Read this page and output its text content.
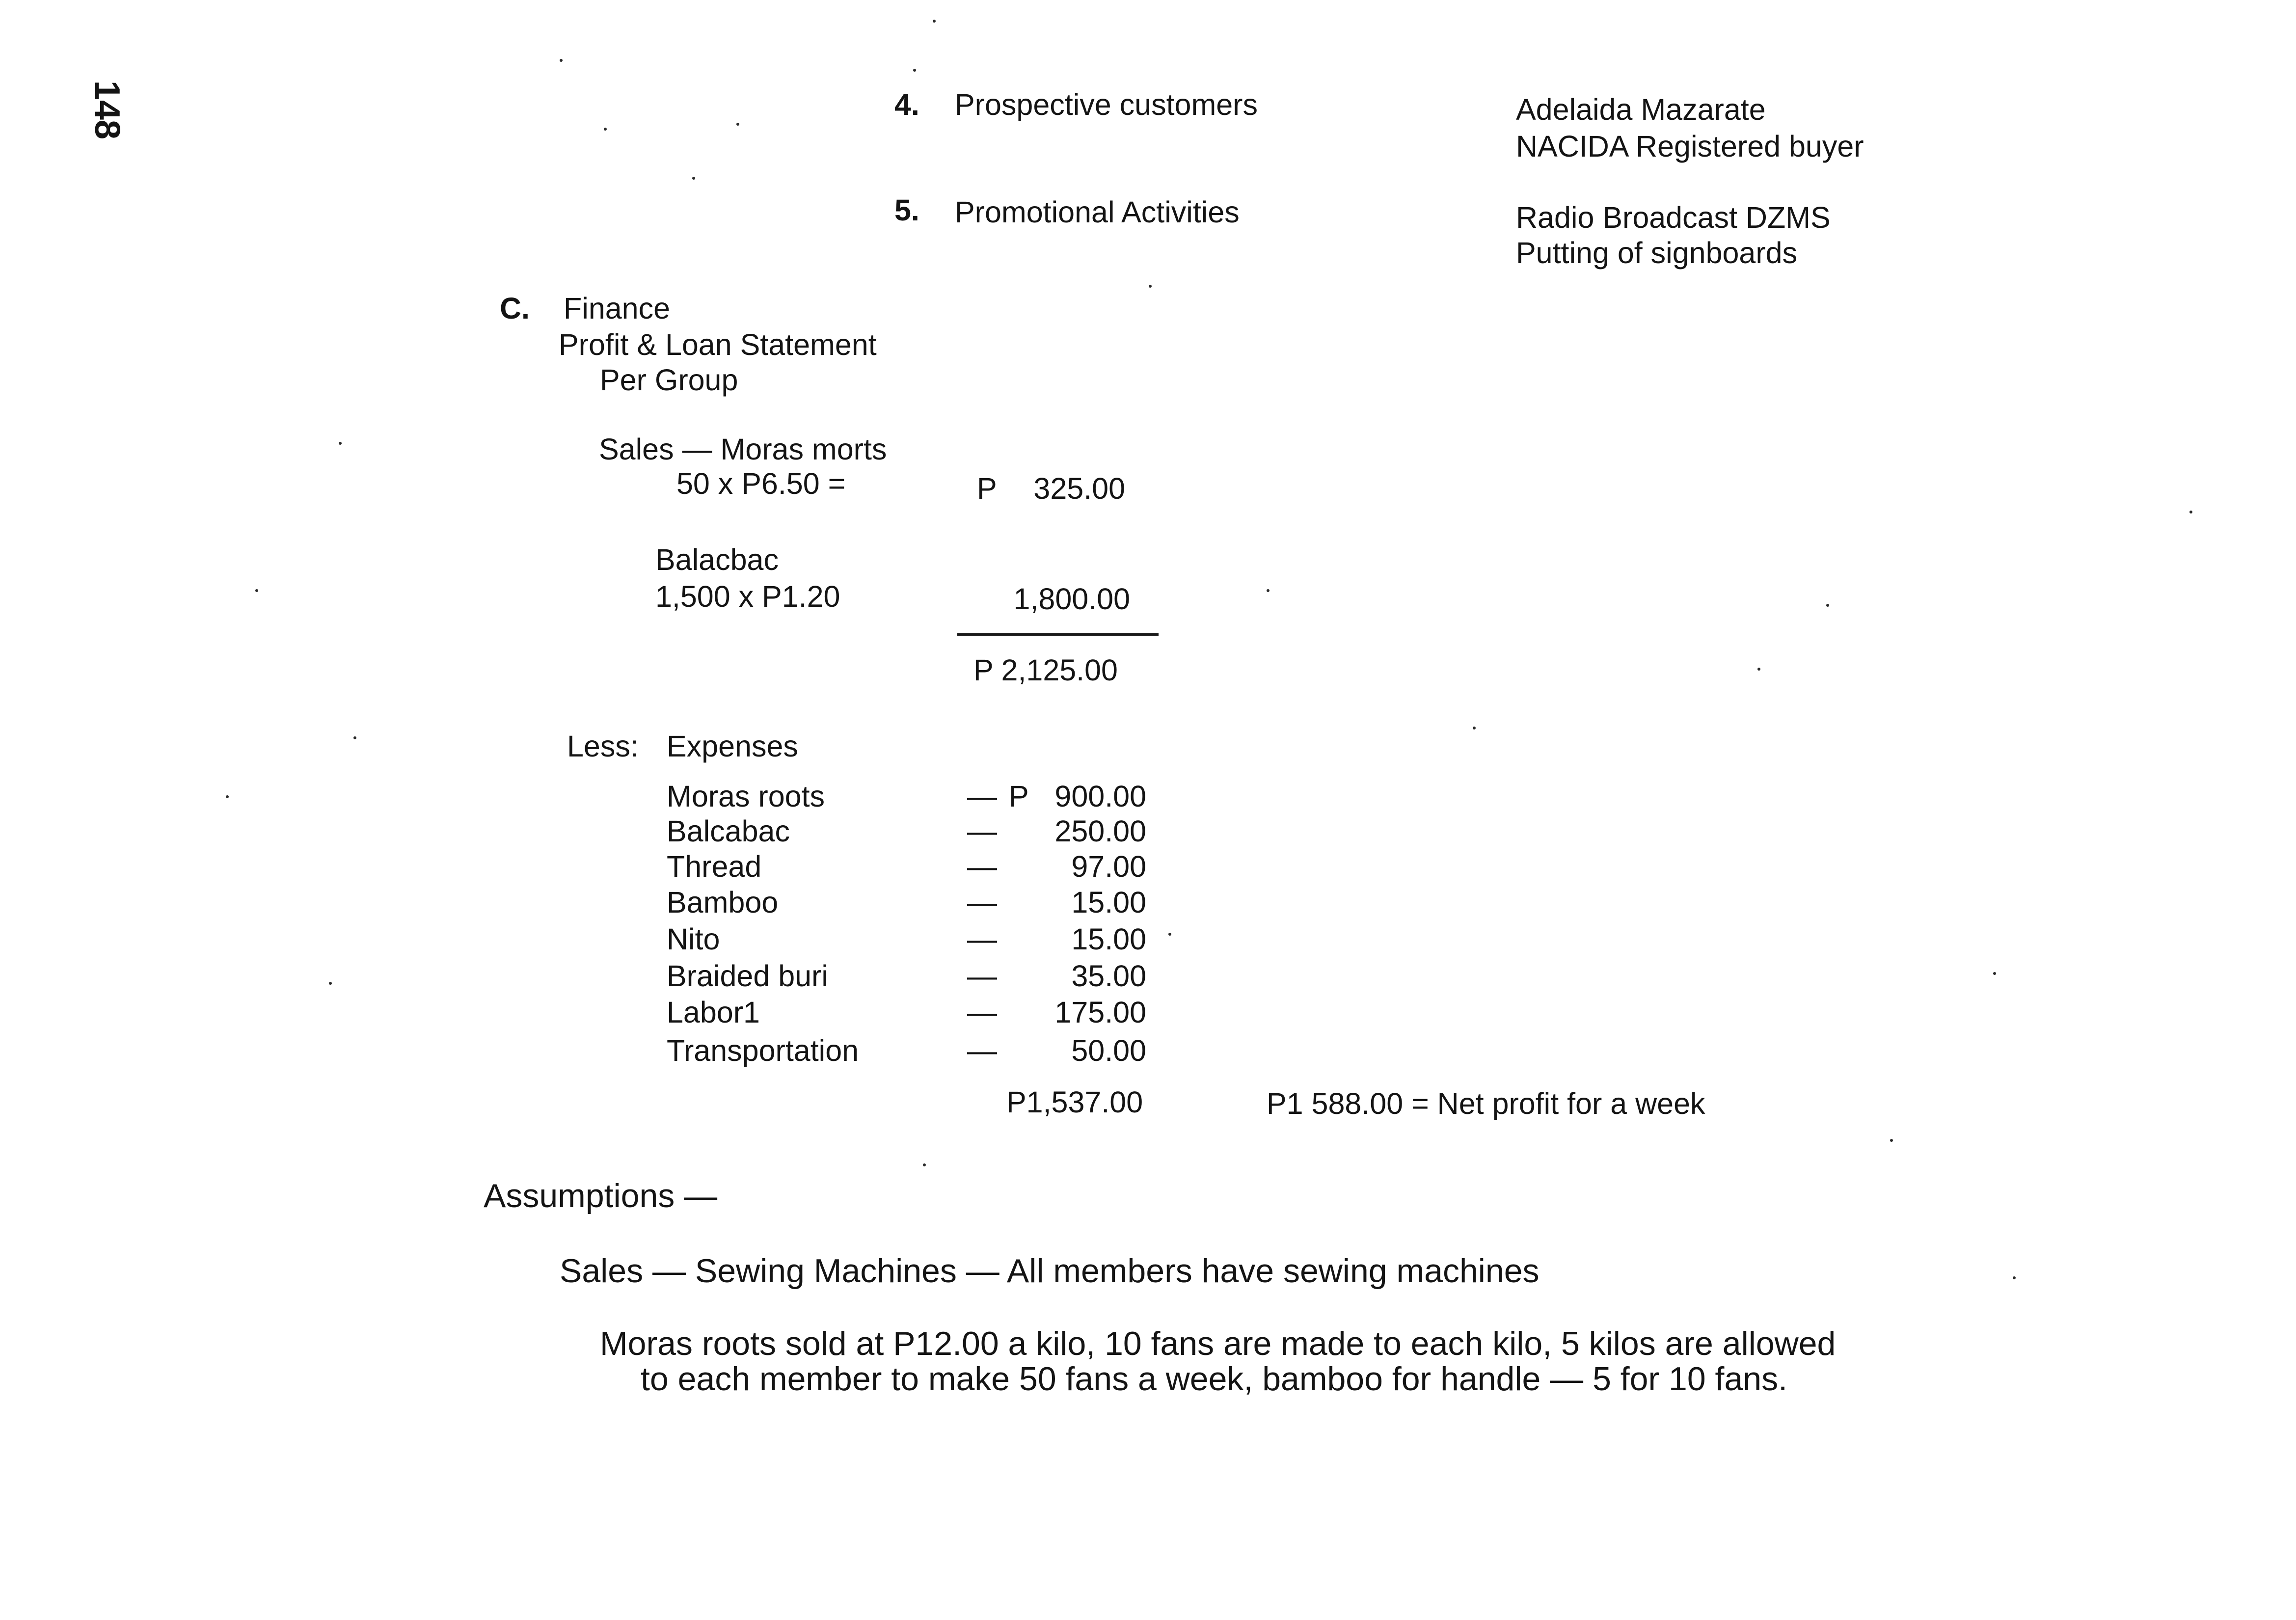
148	4. Prospective customers	Adelaida Mazarate
NACIDA Registered buyer
5. Promotional Activities	Radio Broadcast DZMS
Putting of signboards
C. Finance
Profit & Loan Statement
Per Group
Sales — Moras morts
50 x P6.50 =	P	325.00
Balacbac
1,500 x P1.20	1,800.00
P 2,125.00
Less: Expenses
Moras roots	— P 900.00
Balcabac	—	250.00
Thread	—	97.00
Bamboo	—	15.00
Nito	—	15.00
Braided buri	—	35.00
Labor1	—	175.00
Transportation	—	50.00
P1,537.00	P1 588.00 = Net profit for a week
Assumptions —
Sales — Sewing Machines — All members have sewing machines
Moras roots sold at P12.00 a kilo, 10 fans are made to each kilo, 5 kilos are allowed
to each member to make 50 fans a week, bamboo for handle — 5 for 10 fans.
